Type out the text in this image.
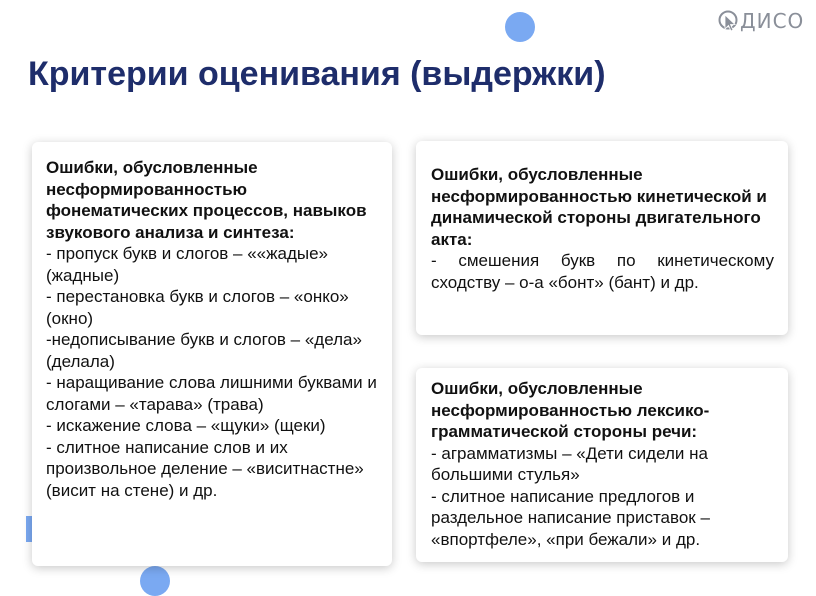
ДИСО
Критерии оценивания (выдержки)

Ошибки, обусловленные несформированностью фонематических процессов, навыков звукового анализа и синтеза:

- пропуск букв и слогов – ««жадые» (жадные)
- перестановка букв и слогов – «онко» (окно)
-недописывание букв и слогов – «дела» (делала)
- наращивание слова лишними буквами и слогами – «тарава» (трава)
- искажение слова – «щуки» (щеки)
- слитное написание слов и их произвольное деление – «виситнастне» (висит на стене) и др.

Ошибки, обусловленные несформированностью кинетической и динамической стороны двигательного акта:

- смешения букв по кинетическому сходству – о-а «бонт» (бант) и др.

Ошибки, обусловленные несформированностью лексико-грамматической стороны речи:

- аграмматизмы – «Дети сидели на большими стулья»
- слитное написание предлогов и раздельное написание приставок – «впортфеле», «при бежали» и др.
